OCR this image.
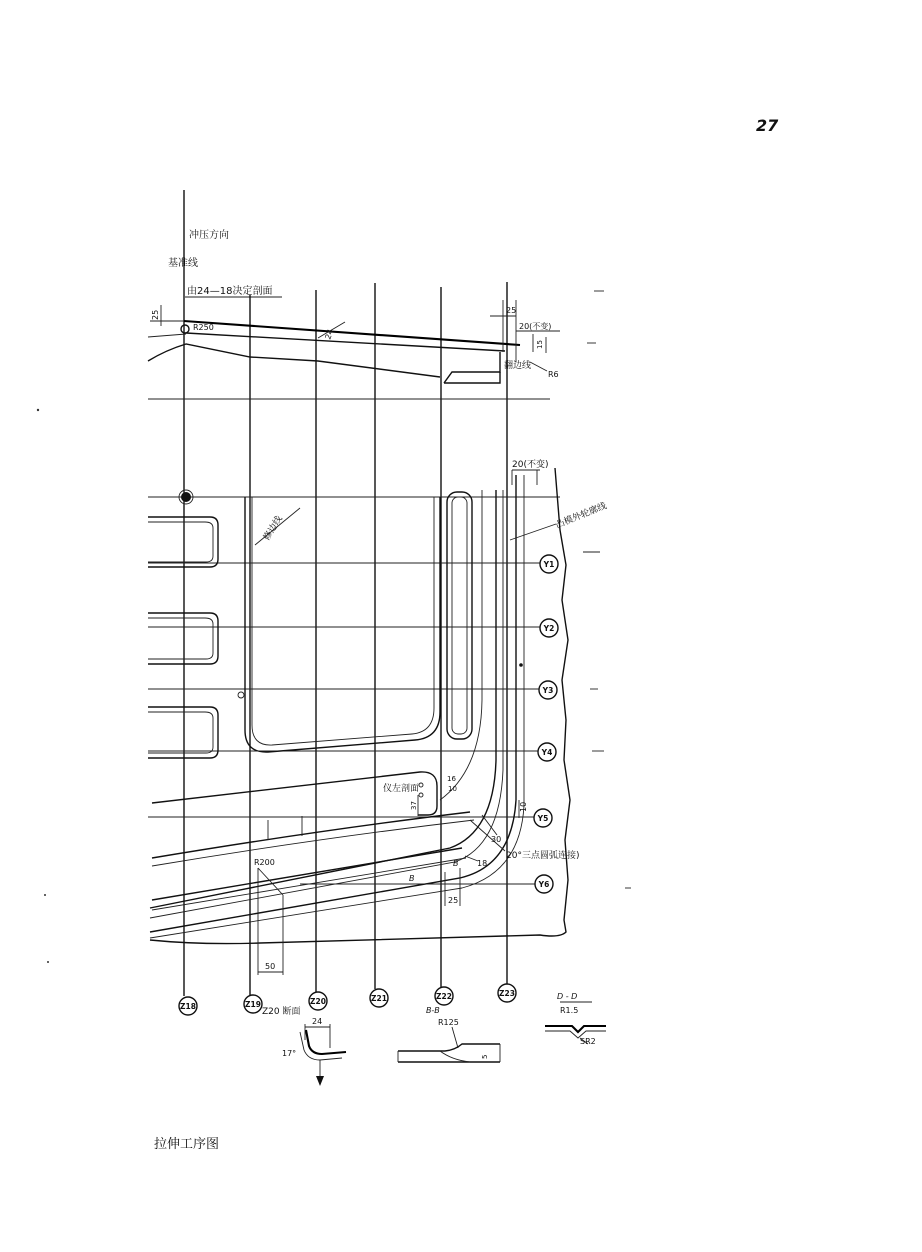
27
冲压方向
基准线
由24—18决定剖面
25
R250
24
25
20(不变)
15
翻边线
R6
修边线
20(不变)
凸模外轮廓线
仪左剖面
16
10
37	10
30
20°三点圆弧连接)
R200	18
B
B
25
50
Y1
Y2
Y3
Y4
Y5
Y6
Z18	Z19	Z20	Z21	Z22	Z23
Z20 断面
24
17°
B-B
R125
5
D - D
R1.5
SR2
拉伸工序图
